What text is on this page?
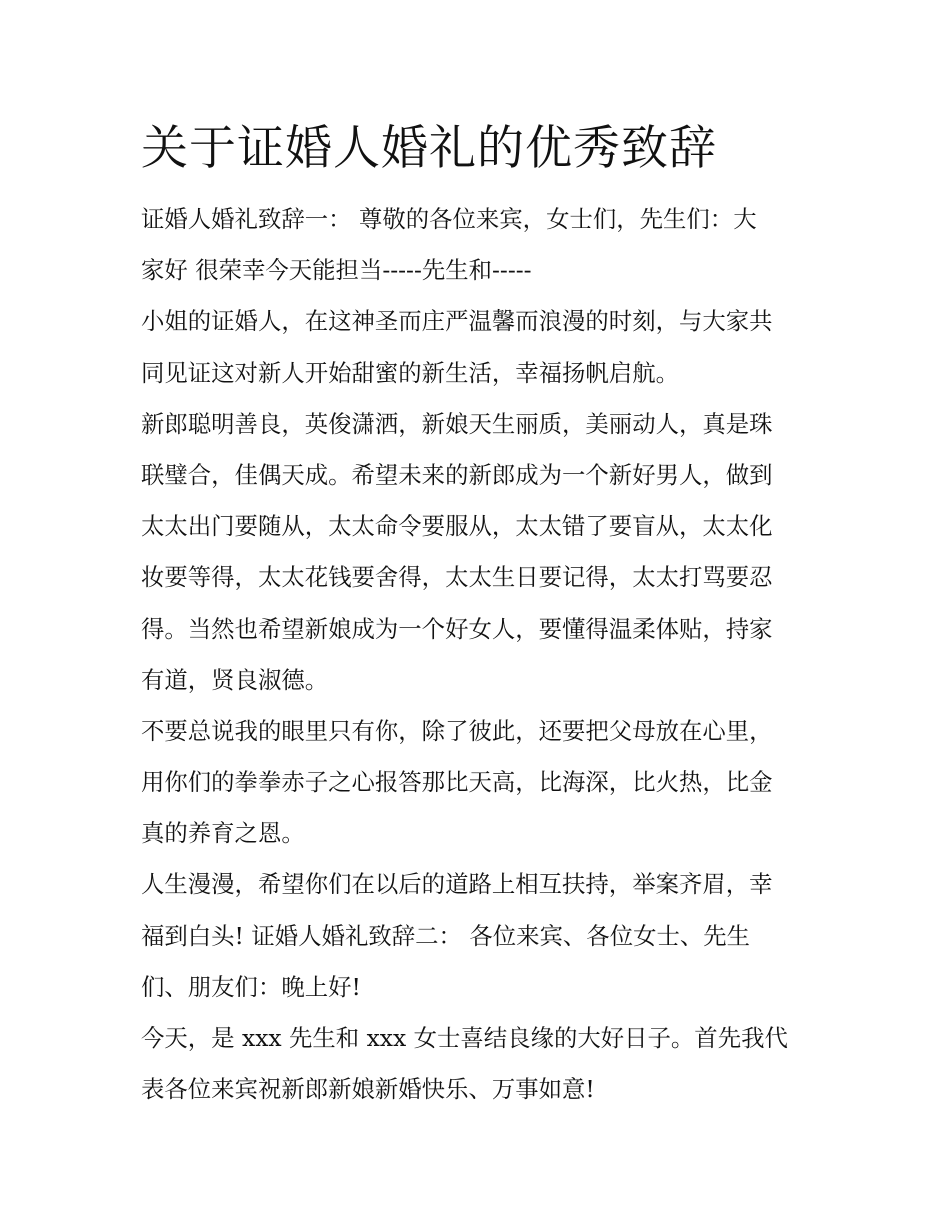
关于证婚人婚礼的优秀致辞

证婚人婚礼致辞一： 尊敬的各位来宾，女士们，先生们：大
家好 很荣幸今天能担当-----先生和-----

小姐的证婚人，在这神圣而庄严温馨而浪漫的时刻，与大家共
同见证这对新人开始甜蜜的新生活，幸福扬帆启航。

新郎聪明善良，英俊潇洒，新娘天生丽质，美丽动人，真是珠
联璧合，佳偶天成。希望未来的新郎成为一个新好男人，做到
太太出门要随从，太太命令要服从，太太错了要盲从，太太化
妆要等得，太太花钱要舍得，太太生日要记得，太太打骂要忍
得。当然也希望新娘成为一个好女人，要懂得温柔体贴，持家
有道，贤良淑德。

不要总说我的眼里只有你，除了彼此，还要把父母放在心里，
用你们的拳拳赤子之心报答那比天高，比海深，比火热，比金
真的养育之恩。

人生漫漫，希望你们在以后的道路上相互扶持，举案齐眉，幸
福到白头! 证婚人婚礼致辞二： 各位来宾、各位女士、先生
们、朋友们：晚上好!

今天，是 xxx 先生和 xxx 女士喜结良缘的大好日子。首先我代
表各位来宾祝新郎新娘新婚快乐、万事如意!
